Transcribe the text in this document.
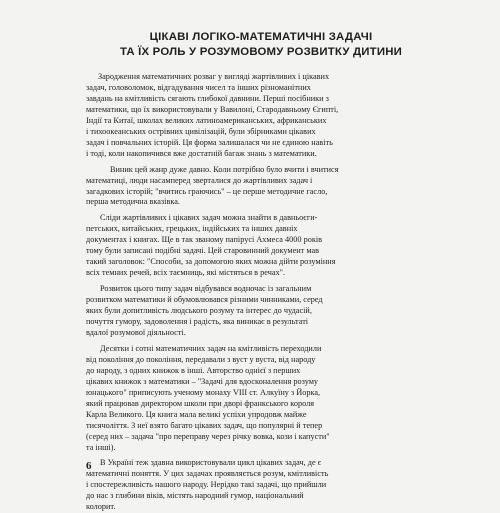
ЦІКАВІ ЛОГІКО-МАТЕМАТИЧНІ ЗАДАЧІ
ТА ЇХ РОЛЬ У РОЗУМОВОМУ РОЗВИТКУ ДИТИНИ

Зародження математичних розваг у вигляді жартівливих і цікавих
задач, головоломок, відгадування чисел та інших різноманітних
завдань на кмітливість сягають глибокої давнини. Перші посібники з
математики, що їх використовували у Вавилоні, Стародавньому Єгипті,
Індії та Китаї, школах великих латиноамериканських, африканських
і тихоокеанських острівних цивілізацій, були збірниками цікавих
задач і повчальних історій. Ця форма залишалася чи не єдиною навіть
і тоді, коли накопичився вже достатній багаж знань з математики.

Виник цей жанр дуже давно. Коли потрібно було вчити і вчитися
математиці, люди насамперед зверталися до жартівливих задач і
загадкових історій; "вчитись граючись" – це перше методичне гасло,
перша методична вказівка.

Сліди жартівливих і цікавих задач можна знайти в давньоєги-
петських, китайських, грецьких, індійських та інших давніх
документах і книгах. Ще в так званому папірусі Ахмеса 4000 років
тому були записані подібні задачі. Цей старовинний документ мав
такий заголовок: "Способи, за допомогою яких можна дійти розуміння
всіх темних речей, всіх таємниць, які містяться в речах".

Розвиток цього типу задач відбувався водночас із загальним
розвитком математики й обумовлювався різними чинниками, серед
яких були допитливість людського розуму та інтерес до чудасій,
почуття гумору, задоволення і радість, яка виникає в результаті
вдалої розумової діяльності.

Десятки і сотні математичних задач на кмітливість переходили
від покоління до покоління, передавали з вуст у вуста, від народу
до народу, з одних книжок в інші. Авторство однієї з перших
цікавих книжок з математики – "Задачі для вдосконалення розуму
юнацького" приписують ученому монаху VIII ст. Алкуїну з Йорка,
який працював директором школи при дворі франкського короля
Карла Великого. Ця книга мала великі успіхи упродовж майже
тисячоліття. З неї взято багато цікавих задач, що популярні й тепер
(серед них – задача "про переправу через річку вовка, кози і капусти"
та інші).

В Україні теж здавна використовували цикл цікавих задач, де є
математичні поняття. У цих задачах проявляється розум, кмітливість
і спостережливість нашого народу. Нерідко такі задачі, що прийшли
до нас з глибини віків, містять народний гумор, національний
колорит.

6
